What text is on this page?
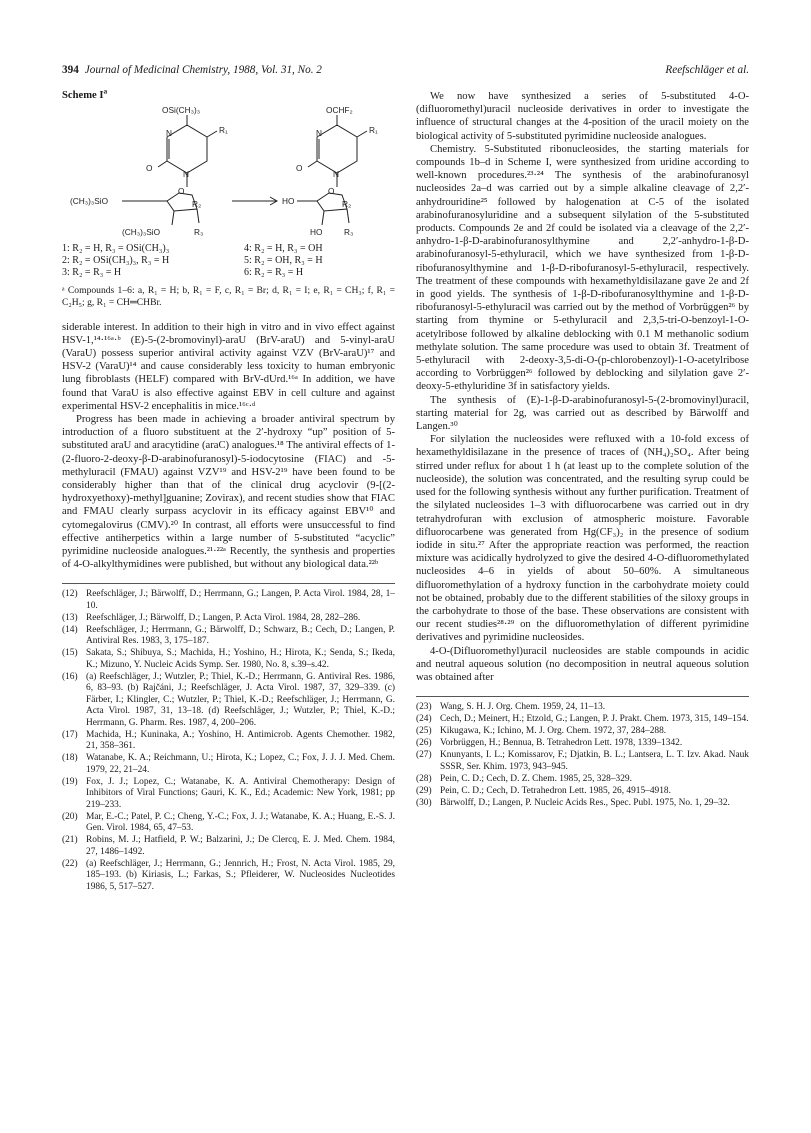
394 Journal of Medicinal Chemistry, 1988, Vol. 31, No. 2	Reefschläger et al.
Scheme $I^a$
OSi(CH₃)₃
R₁
N
O
N
O
R₂
(CH₃)₃SiO
(CH₃)₃SiO	R₃
OCHF₂
R₁
N
O
N
O
R₂
HO
HO	R₃
1: R₂ = H, R₃ = OSi(CH₃)₃
2: R₂ = OSi(CH₃)₃, R₃ = H
3: R₂ = R₃ = H
4: R₂ = H, R₃ = OH
5: R₂ = OH, R₃ = H
6: R₂ = R₃ = H
ᵃ Compounds 1–6: a, R₁ = H; b, R₁ = F, c, R₁ = Br; d, R₁ = I; e, R₁ = CH₃; f, R₁ = C₂H₅; g, R₁ = CH═CHBr.

siderable interest. In addition to their high in vitro and in vivo effect against HSV-1,¹⁴·¹⁶ᵃ·ᵇ (E)-5-(2-bromovinyl)-araU (BrV-araU) and 5-vinyl-araU (VaraU) possess superior antiviral activity against VZV (BrV-araU)¹⁷ and HSV-2 (VaraU)¹⁴ and cause considerably less toxicity to human embryonic lung fibroblasts (HELF) compared with BrV-dUrd.¹⁶ᵃ In addition, we have found that VaraU is also effective against EBV in cell culture and against experimental HSV-2 encephalitis in mice.¹⁶ᶜ·ᵈ

Progress has been made in achieving a broader antiviral spectrum by introduction of a fluoro substituent at the 2′-hydroxy “up” position of 5-substituted araU and aracytidine (araC) analogues.¹⁸ The antiviral effects of 1-(2-fluoro-2-deoxy-β-D-arabinofuranosyl)-5-iodocytosine (FIAC) and -5-methyluracil (FMAU) against VZV¹⁹ and HSV-2¹⁹ have been found to be considerably higher than that of the clinical drug acyclovir (9-[(2-hydroxyethoxy)-methyl]guanine; Zovirax), and recent studies show that FIAC and FMAU clearly surpass acyclovir in its efficacy against EBV¹⁰ and cytomegalovirus (CMV).²⁰ In contrast, all efforts were unsuccessful to find effective antiherpetics within a large number of 5-substituted “acyclic” pyrimidine nucleoside analogues.²¹·²²ᵃ Recently, the synthesis and properties of 4-O-alkylthymidines were published, but without any biological data.²²ᵇ

(12) Reefschläger, J.; Bärwolff, D.; Herrmann, G.; Langen, P. Acta Virol. 1984, 28, 1–10.
(13) Reefschläger, J.; Bärwolff, D.; Langen, P. Acta Virol. 1984, 28, 282–286.
(14) Reefschläger, J.; Herrmann, G.; Bärwolff, D.; Schwarz, B.; Cech, D.; Langen, P. Antiviral Res. 1983, 3, 175–187.
(15) Sakata, S.; Shibuya, S.; Machida, H.; Yoshino, H.; Hirota, K.; Senda, S.; Ikeda, K.; Mizuno, Y. Nucleic Acids Symp. Ser. 1980, No. 8, s.39–s.42.
(16) (a) Reefschläger, J.; Wutzler, P.; Thiel, K.-D.; Herrmann, G. Antiviral Res. 1986, 6, 83–93. (b) Rajčáni, J.; Reefschläger, J. Acta Virol. 1987, 37, 329–339. (c) Färber, I.; Klingler, C.; Wutzler, P.; Thiel, K.-D.; Reefschläger, J.; Herrmann, G. Acta Virol. 1987, 31, 13–18. (d) Reefschläger, J.; Wutzler, P.; Thiel, K.-D.; Herrmann, G. Pharm. Res. 1987, 4, 200–206.
(17) Machida, H.; Kuninaka, A.; Yoshino, H. Antimicrob. Agents Chemother. 1982, 21, 358–361.
(18) Watanabe, K. A.; Reichmann, U.; Hirota, K.; Lopez, C.; Fox, J. J. J. Med. Chem. 1979, 22, 21–24.
(19) Fox, J. J.; Lopez, C.; Watanabe, K. A. Antiviral Chemotherapy: Design of Inhibitors of Viral Functions; Gauri, K. K., Ed.; Academic: New York, 1981; pp 219–233.
(20) Mar, E.-C.; Patel, P. C.; Cheng, Y.-C.; Fox, J. J.; Watanabe, K. A.; Huang, E.-S. J. Gen. Virol. 1984, 65, 47–53.
(21) Robins, M. J.; Hatfield, P. W.; Balzarini, J.; De Clercq, E. J. Med. Chem. 1984, 27, 1486–1492.
(22) (a) Reefschläger, J.; Herrmann, G.; Jennrich, H.; Frost, N. Acta Virol. 1985, 29, 185–193. (b) Kiriasis, L.; Farkas, S.; Pfleiderer, W. Nucleosides Nucleotides 1986, 5, 517–527.

We now have synthesized a series of 5-substituted 4-O-(difluoromethyl)uracil nucleoside derivatives in order to investigate the influence of structural changes at the 4-position of the uracil moiety on the biological activity of 5-substituted pyrimidine nucleoside analogues.

Chemistry. 5-Substituted ribonucleosides, the starting materials for compounds 1b–d in Scheme I, were synthesized from uridine according to well-known procedures.²³·²⁴ The synthesis of the arabinofuranosyl nucleosides 2a–d was carried out by a simple alkaline cleavage of 2,2′-anhydrouridine²⁵ followed by halogenation at C-5 of the isolated arabinofuranosyluridine and a subsequent silylation of the 5-substituted products. Compounds 2e and 2f could be isolated via a cleavage of the 2,2′-anhydro-1-β-D-arabinofuranosylthymine and 2,2′-anhydro-1-β-D-arabinofuranosyl-5-ethyluracil, which we have synthesized from 1-β-D-ribofuranosylthymine and 1-β-D-ribofuranosyl-5-ethyluracil, respectively. The treatment of these compounds with hexamethyldisilazane gave 2e and 2f in good yields. The synthesis of 1-β-D-ribofuranosylthymine and 1-β-D-ribofuranosyl-5-ethyluracil was carried out by the method of Vorbrüggen²⁶ by starting from thymine or 5-ethyluracil and 2,3,5-tri-O-benzoyl-1-O-acetylribose followed by alkaline deblocking with 0.1 M methanolic sodium methylate solution. The same procedure was used to obtain 3f. Treatment of 5-ethyluracil with 2-deoxy-3,5-di-O-(p-chlorobenzoyl)-1-O-acetylribose according to Vorbrüggen²⁶ followed by deblocking and silylation gave 2′-deoxy-5-ethyluridine 3f in satisfactory yields.

The synthesis of (E)-1-β-D-arabinofuranosyl-5-(2-bromovinyl)uracil, starting material for 2g, was carried out as described by Bärwolff and Langen.³⁰

For silylation the nucleosides were refluxed with a 10-fold excess of hexamethyldisilazane in the presence of traces of (NH₄)₂SO₄. After being stirred under reflux for about 1 h (at least up to the complete solution of the nucleoside), the solution was concentrated, and the resulting syrup could be used for the following synthesis without any further purification. Treatment of the silylated nucleosides 1–3 with difluorocarbene was carried out in dry tetrahydrofuran with exclusion of atmospheric moisture. Favorable difluorocarbene was generated from Hg(CF₃)₂ in the presence of sodium iodide in situ.²⁷ After the appropriate reaction was performed, the reaction mixture was acidically hydrolyzed to give the desired 4-O-difluoromethylated nucleosides 4–6 in yields of about 50–60%. A simultaneous difluoromethylation of a hydroxy function in the carbohydrate moiety could not be obtained, probably due to the different stabilities of the siloxy groups in the carbohydrate to those of the base. These observations are consistent with our recent studies²⁸·²⁹ on the difluoromethylation of different pyrimidine derivatives and pyrimidine nucleosides.

4-O-(Difluoromethyl)uracil nucleosides are stable compounds in acidic and neutral aqueous solution (no decomposition in neutral aqueous solution was obtained after

(23) Wang, S. H. J. Org. Chem. 1959, 24, 11–13.
(24) Cech, D.; Meinert, H.; Etzold, G.; Langen, P. J. Prakt. Chem. 1973, 315, 149–154.
(25) Kikugawa, K.; Ichino, M. J. Org. Chem. 1972, 37, 284–288.
(26) Vorbrüggen, H.; Bennua, B. Tetrahedron Lett. 1978, 1339–1342.
(27) Knunyants, I. L.; Komissarov, F.; Djatkin, B. L.; Lantsera, L. T. Izv. Akad. Nauk SSSR, Ser. Khim. 1973, 943–945.
(28) Pein, C. D.; Cech, D. Z. Chem. 1985, 25, 328–329.
(29) Pein, C. D.; Cech, D. Tetrahedron Lett. 1985, 26, 4915–4918.
(30) Bärwolff, D.; Langen, P. Nucleic Acids Res., Spec. Publ. 1975, No. 1, 29–32.
